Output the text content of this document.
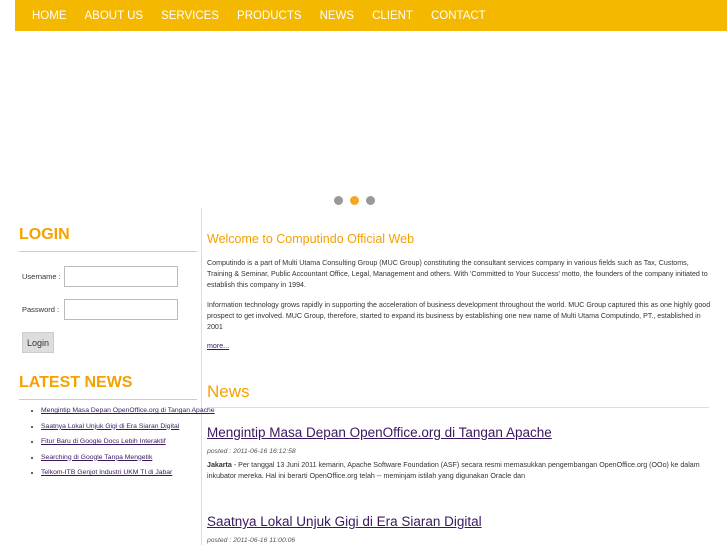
HOME ABOUT US SERVICES PRODUCTS NEWS CLIENT CONTACT
LOGIN
Username :
Password :
Login
LATEST NEWS
• Mengintip Masa Depan OpenOffice.org di Tangan Apache
• Saatnya Lokal Unjuk Gigi di Era Siaran Digital
• Fitur Baru di Google Docs Lebih Interaktif
• Searching di Google Tanpa Mengetik
• Telkom-ITB Genjot Industri UKM TI di Jabar
Welcome to Computindo Official Web

Computindo is a part of Multi Utama Consulting Group (MUC Group) constituting the consultant services company in various fields such as Tax, Customs, Training & Seminar, Public Accountant Office, Legal, Management and others. With 'Committed to Your Success' motto, the founders of the company initiated to establish this company in 1994.

Information technology grows rapidly in supporting the acceleration of business development throughout the world. MUC Group captured this as one highly good prospect to get involved. MUC Group, therefore, started to expand its business by establishing one new name of Multi Utama Computindo, PT., established in 2001

more...
News
Mengintip Masa Depan OpenOffice.org di Tangan Apache
posted : 2011-06-16 16:12:58

Jakarta - Per tanggal 13 Juni 2011 kemarin, Apache Software Foundation (ASF) secara resmi memasukkan pengembangan OpenOffice.org (OOo) ke dalam inkubator mereka. Hal ini berarti OpenOffice.org telah -- meminjam istilah yang digunakan Oracle dan

Saatnya Lokal Unjuk Gigi di Era Siaran Digital
posted : 2011-06-16 11:00:06
